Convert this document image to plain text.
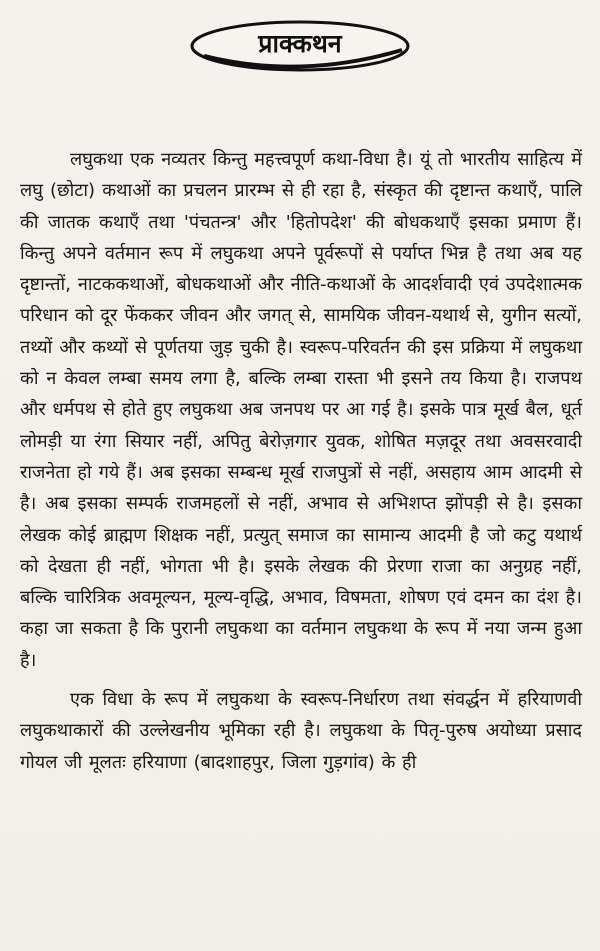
प्राक्कथन

लघुकथा एक नव्यतर किन्तु महत्त्वपूर्ण कथा-विधा है। यूं तो भारतीय साहित्य में लघु (छोटा) कथाओं का प्रचलन प्रारम्भ से ही रहा है, संस्कृत की दृष्टान्त कथाएँ, पालि की जातक कथाएँ तथा 'पंचतन्त्र' और 'हितोपदेश' की बोधकथाएँ इसका प्रमाण हैं। किन्तु अपने वर्तमान रूप में लघुकथा अपने पूर्वरूपों से पर्याप्त भिन्न है तथा अब यह दृष्टान्तों, नाटककथाओं, बोधकथाओं और नीति-कथाओं के आदर्शवादी एवं उपदेशात्मक परिधान को दूर फेंककर जीवन और जगत् से, सामयिक जीवन-यथार्थ से, युगीन सत्यों, तथ्यों और कथ्यों से पूर्णतया जुड़ चुकी है। स्वरूप-परिवर्तन की इस प्रक्रिया में लघुकथा को न केवल लम्बा समय लगा है, बल्कि लम्बा रास्ता भी इसने तय किया है। राजपथ और धर्मपथ से होते हुए लघुकथा अब जनपथ पर आ गई है। इसके पात्र मूर्ख बैल, धूर्त लोमड़ी या रंगा सियार नहीं, अपितु बेरोज़गार युवक, शोषित मज़दूर तथा अवसरवादी राजनेता हो गये हैं। अब इसका सम्बन्ध मूर्ख राजपुत्रों से नहीं, असहाय आम आदमी से है। अब इसका सम्पर्क राजमहलों से नहीं, अभाव से अभिशप्त झोंपड़ी से है। इसका लेखक कोई ब्राह्मण शिक्षक नहीं, प्रत्युत् समाज का सामान्य आदमी है जो कटु यथार्थ को देखता ही नहीं, भोगता भी है। इसके लेखक की प्रेरणा राजा का अनुग्रह नहीं, बल्कि चारित्रिक अवमूल्यन, मूल्य-वृद्धि, अभाव, विषमता, शोषण एवं दमन का दंश है। कहा जा सकता है कि पुरानी लघुकथा का वर्तमान लघुकथा के रूप में नया जन्म हुआ है।

एक विधा के रूप में लघुकथा के स्वरूप-निर्धारण तथा संवर्द्धन में हरियाणवी लघुकथाकारों की उल्लेखनीय भूमिका रही है। लघुकथा के पितृ-पुरुष अयोध्या प्रसाद गोयल जी मूलतः हरियाणा (बादशाहपुर, जिला गुड़गांव) के ही
